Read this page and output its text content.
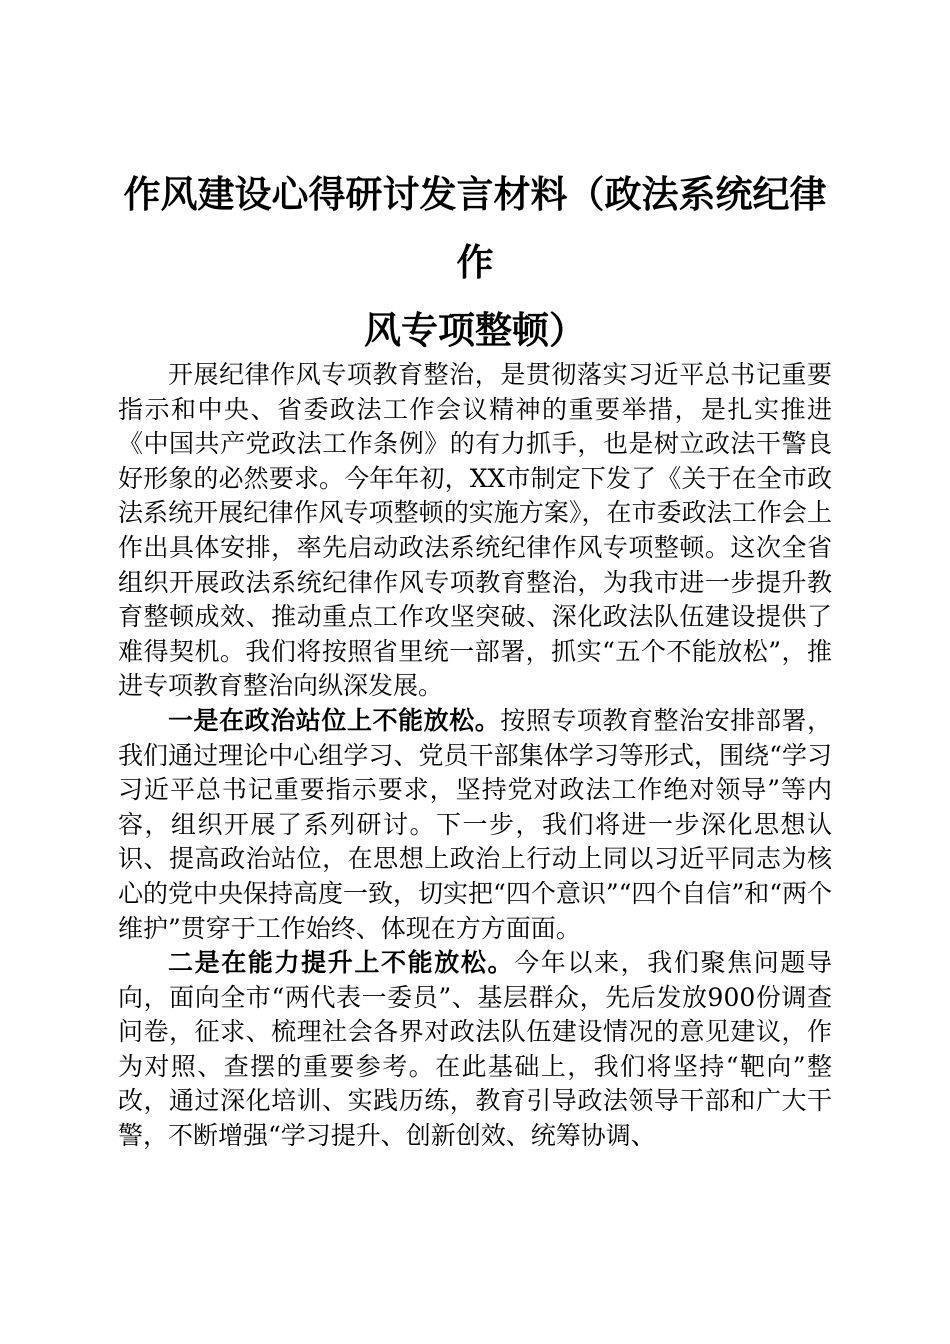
作风建设心得研讨发言材料（政法系统纪律作
风专项整顿）

开展纪律作风专项教育整治，是贯彻落实习近平总书记重要指示和中央、省委政法工作会议精神的重要举措，是扎实推进《中国共产党政法工作条例》的有力抓手，也是树立政法干警良好形象的必然要求。今年年初，XX市制定下发了《关于在全市政法系统开展纪律作风专项整顿的实施方案》，在市委政法工作会上作出具体安排，率先启动政法系统纪律作风专项整顿。这次全省组织开展政法系统纪律作风专项教育整治，为我市进一步提升教育整顿成效、推动重点工作攻坚突破、深化政法队伍建设提供了难得契机。我们将按照省里统一部署，抓实“五个不能放松”，推进专项教育整治向纵深发展。

一是在政治站位上不能放松。按照专项教育整治安排部署，我们通过理论中心组学习、党员干部集体学习等形式，围绕“学习习近平总书记重要指示要求，坚持党对政法工作绝对领导”等内容，组织开展了系列研讨。下一步，我们将进一步深化思想认识、提高政治站位，在思想上政治上行动上同以习近平同志为核心的党中央保持高度一致，切实把“四个意识”“四个自信”和“两个维护”贯穿于工作始终、体现在方方面面。

二是在能力提升上不能放松。今年以来，我们聚焦问题导向，面向全市“两代表一委员”、基层群众，先后发放900份调查问卷，征求、梳理社会各界对政法队伍建设情况的意见建议，作为对照、查摆的重要参考。在此基础上，我们将坚持“靶向”整改，通过深化培训、实践历练，教育引导政法领导干部和广大干警，不断增强“学习提升、创新创效、统筹协调、
